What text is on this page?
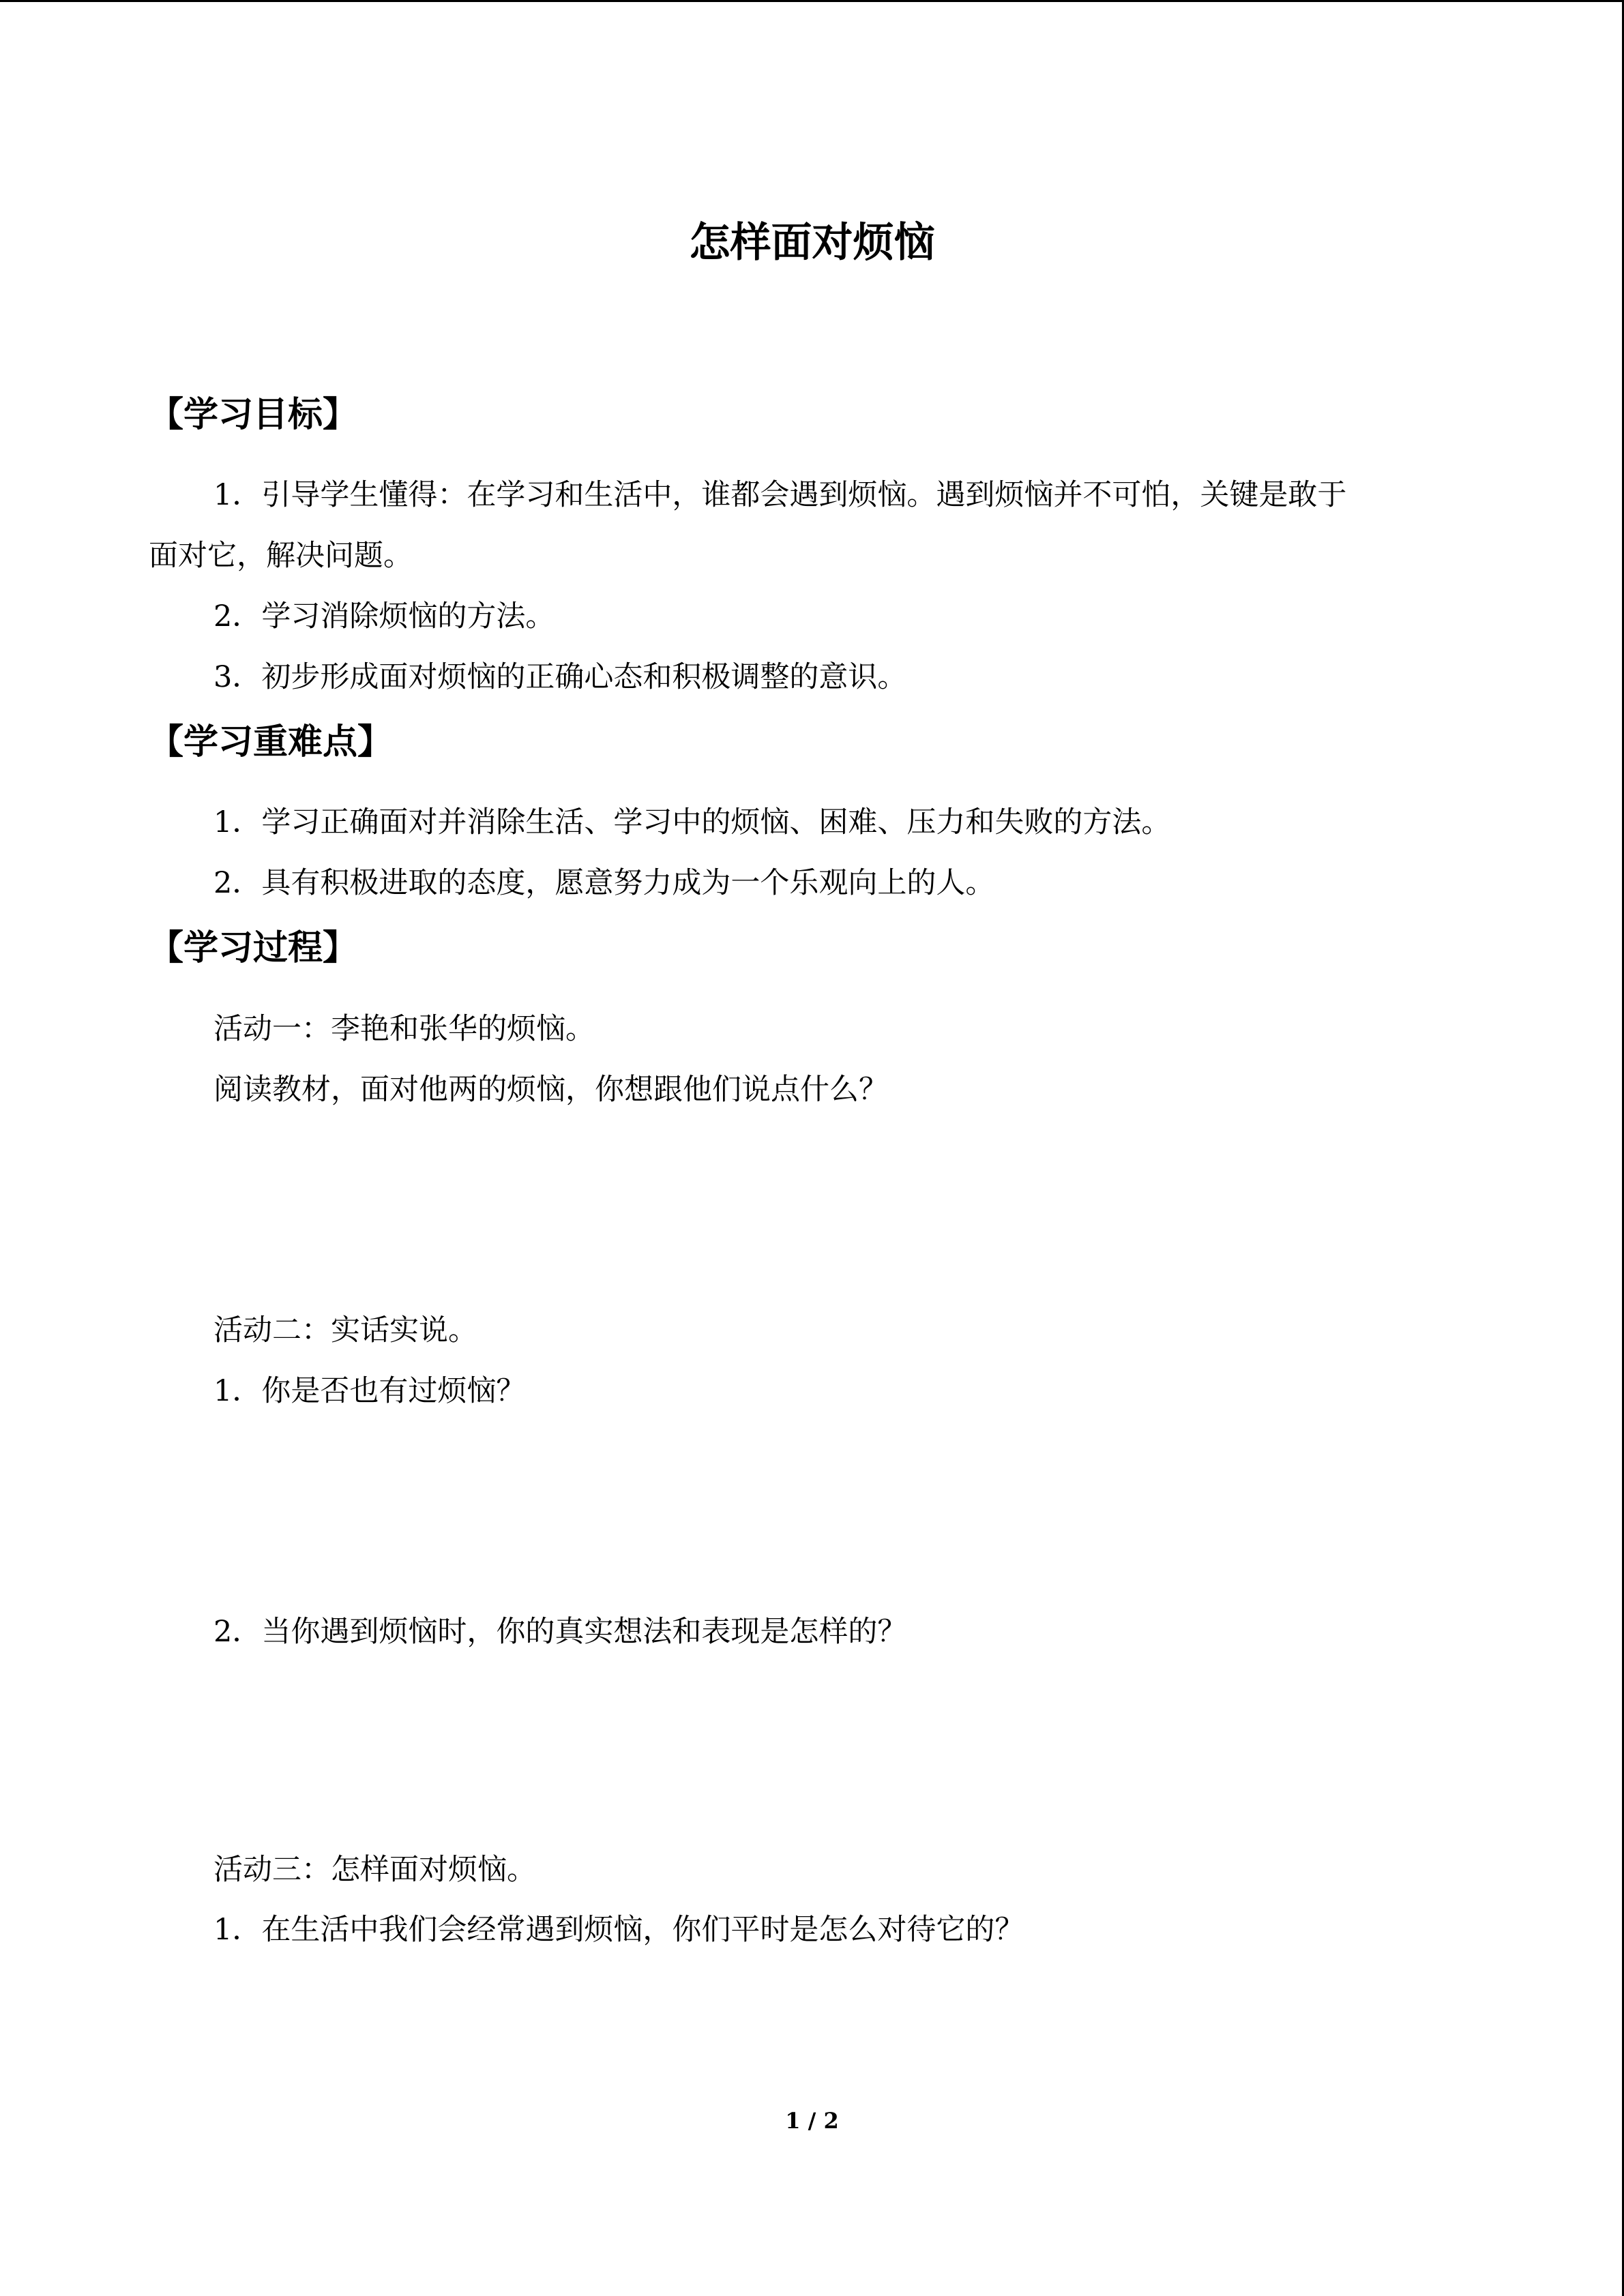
怎样面对烦恼
【学习目标】
1．引导学生懂得：在学习和生活中，谁都会遇到烦恼。遇到烦恼并不可怕，关键是敢于
面对它，解决问题。
2．学习消除烦恼的方法。
3．初步形成面对烦恼的正确心态和积极调整的意识。
【学习重难点】
1．学习正确面对并消除生活、学习中的烦恼、困难、压力和失败的方法。
2．具有积极进取的态度，愿意努力成为一个乐观向上的人。
【学习过程】
活动一：李艳和张华的烦恼。
阅读教材，面对他两的烦恼，你想跟他们说点什么？
活动二：实话实说。
1．你是否也有过烦恼？
2．当你遇到烦恼时，你的真实想法和表现是怎样的？
活动三：怎样面对烦恼。
1．在生活中我们会经常遇到烦恼，你们平时是怎么对待它的？
1 / 2
